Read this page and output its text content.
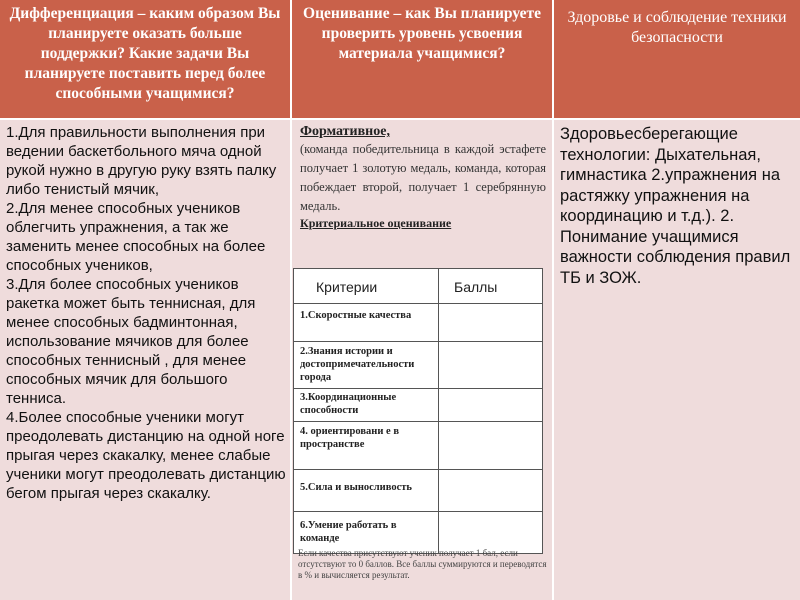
Дифференциация – каким образом Вы планируете оказать больше поддержки? Какие задачи Вы планируете поставить перед более способными учащимися?
Оценивание – как Вы планируете проверить уровень усвоения материала учащимися?
Здоровье и соблюдение техники безопасности

1.Для правильности выполнения при ведении баскетбольного мяча одной рукой нужно в другую руку взять палку либо тенистый мячик,

2.Для менее способных учеников облегчить упражнения, а так же заменить менее способных на более способных учеников,

3.Для более способных учеников ракетка может быть теннисная, для менее способных бадминтонная, использование мячиков для более способных теннисный , для менее способных мячик для большого тенниса.

4.Более способные ученики могут преодолевать дистанцию на одной ноге прыгая через скакалку, менее слабые ученики могут преодолевать дистанцию бегом прыгая через скакалку.

Формативное,

(команда победительница в каждой эстафете получает 1 золотую медаль, команда, которая побеждает второй, получает 1 серебрянную медаль.

Критериальное оценивание
Критерии	Баллы
1.Скоростные качества
2.Знания истории и достопримечательности города
3.Координационные способности
4. ориентировани е в пространстве
5.Сила и выносливость
6.Умение работать в команде
Если качества присутствуют ученик получает 1 бал, если отсутствуют то 0 баллов. Все баллы суммируются и переводятся в % и вычисляется результат.
Здоровьесберегающие технологии: Дыхательная, гимнастика 2.упражнения на растяжку упражнения на координацию и т.д.). 2. Понимание учащимися важности соблюдения правил ТБ и ЗОЖ.
